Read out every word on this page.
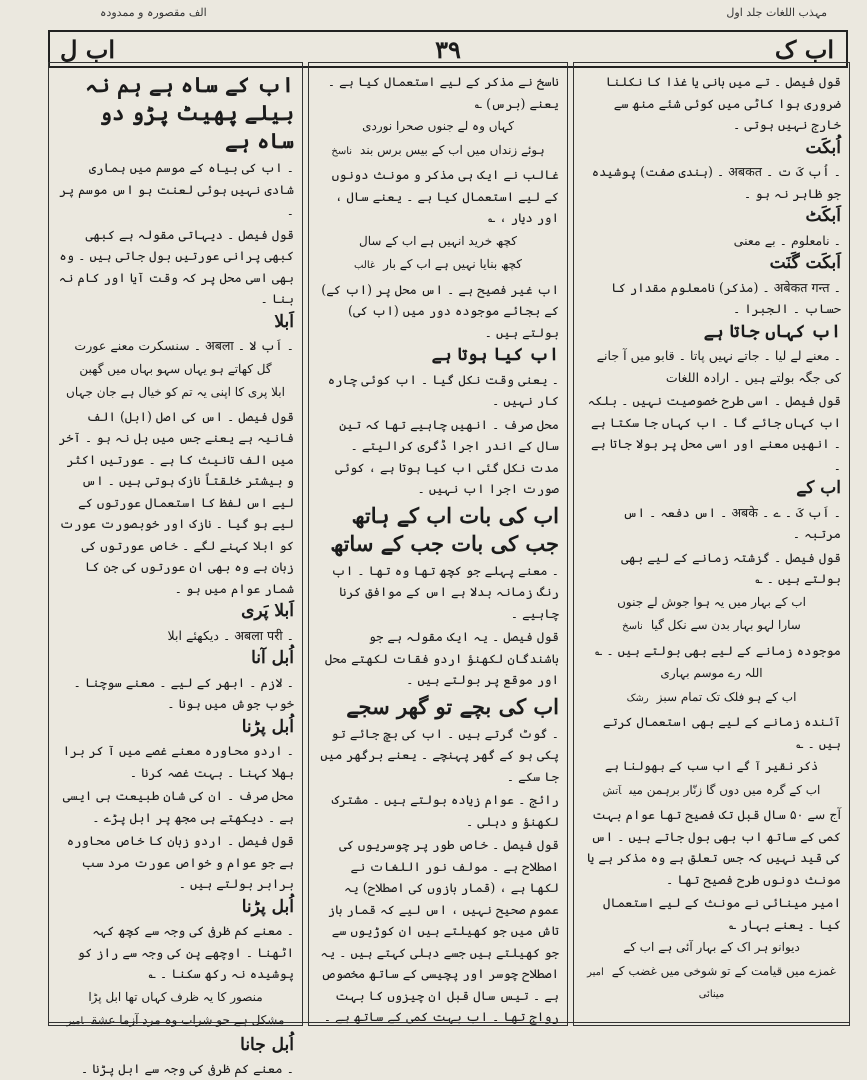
الف مقصورہ و ممدودہ	مہذب اللغات جلد اول
اب ل	۳۹	اب ک

قول فیصل ۔ تے میں بانی یا غذا کا نکلنا ضروری ہوا کاٹی میں کوئی شئے منھ سے خارج نہیں ہوتی ۔

اُبکَت

۔ اُب کَ ت ۔ अबकत ۔ (ہندی صفت) پوشیدہ جو ظاہر نہ ہو ۔

اَبکَٹ

۔ نامعلوم ۔ بے معنی

اَبکَت گَنَت

۔ अबेकत गन्त ۔ (مذکر) نامعلوم مقدار کا حساب ۔ الجبرا ۔

اب کہاں جاتا ہے

۔ معنے لے لیا ۔ جاتے نہیں پاتا ۔ قابو میں آ جانے کی جگہ بولتے ہیں ۔ ارادہ اللغات

قول فیصل ۔ اسی طرح خصوصیت نہیں ۔ بلکہ اب کہاں جائے گا ۔ اب کہاں جا سکتا ہے ۔ انھیں معنے اور اسی محل پر بولا جاتا ہے ۔

اب کے

۔ اَب کَ ۔ ے ۔ अबके ۔ اس دفعہ ۔ اس مرتبہ ۔

قول فیصل ۔ گزشتہ زمانے کے لیے بھی بولتے ہیں ۔ ؎

اب کے بہار میں یہ ہوا جوش لے جنوں

سارا لہو بہار بدن سے نکل گیاناسخ

موجودہ زمانے کے لیے بھی بولتے ہیں ۔ ؎

اللہ رے موسم بہاری

اب کے ہو فلک تک تمام سبزرشک

آئندہ زمانے کے لیے بھی استعمال کرتے ہیں ۔ ؎

ذکر نقیر آ گے اب سب کے بھولنا ہے

اب کے گرہ میں دوں گا زنّار برہمن میںآتش

آج سے ۵۰ سال قبل تک فصیح تھا عوام بہت کمی کے ساتھ اب بھی بول جاتے ہیں ۔ اس کی قید نہیں کہ جس تعلق ہے وہ مذکر ہے یا مونث دونوں طرح فصیح تھا ۔

امیر مینائی نے مونث کے لیے استعمال کیا ۔ یعنے بہار ؎

دیوانو ہر اک کے بہار آئی ہے اب کے

غمزے میں قیامت کے تو شوخی میں غضب کےامیر مینائی

ناسخ نے مذکر کے لیے استعمال کیا ہے ۔ یعنے (برس) ؎

کہاں وہ لے جنوں صحرا نوردی

ہوئے زنداں میں اب کے بیس برس بندناسخ

غالب نے ایک ہی مذکر و مونث دونوں کے لیے استعمال کیا ہے ۔ یعنے سال ، اور دیار ، ؎

کچھ خرید انہیں ہے اب کے سال

کچھ بنایا نہیں ہے اب کے بارغالب

اب غیر فصیح ہے ۔ اس محل پر (اب کے) کے بجائے موجودہ دور میں (اب کی) بولتے ہیں ۔

اب کیا ہوتا ہے

۔ یعنی وقت نکل گیا ۔ اب کوئی چارہ کار نہیں ۔

محل صرف ۔ انھیں چاہیے تھا کہ تین سال کے اندر اجرا ڈگری کرالیتے ۔ مدت نکل گئی اب کیا ہوتا ہے ، کوئی صورت اجرا اب نہیں ۔

اب کی بات اب کے ہاتھ جب کی بات جب کے ساتھ

۔ معنے پہلے جو کچھ تھا وہ تھا ۔ اب رنگ زمانہ بدلا ہے اس کے موافق کرنا چاہیے ۔

قول فیصل ۔ یہ ایک مقولہ ہے جو باشندگان لکھنؤ اردو فقات لکھتے محل اور موقع پر بولتے ہیں ۔

اب کی بچے تو گھر سجے

۔ گوٹ گرتے ہیں ۔ اب کی بچ جائے تو پکی ہو کے گھر پہنچے ۔ یعنے برگھر میں جا سکے ۔

رائج ۔ عوام زیادہ بولتے ہیں ۔ مشترک لکھنؤ و دہلی ۔

قول فیصل ۔ خاص طور پر چوسریوں کی اصطلاح ہے ۔ مولف نور اللغات نے لکھا ہے ، (قمار بازوں کی اصطلاح) یہ عموم صحیح نہیں ، اس لیے کہ قمار باز تاش میں جو کھیلتے ہیں ان کوڑیوں سے جو کھیلتے ہیں جسے دہلی کہتے ہیں ۔ یہ اصطلاح چوسر اور پچیسی کے ساتھ مخصوص ہے ۔ تیس سال قبل ان چیزوں کا بہت رواج تھا ۔ اب بہت کمی کے ساتھ ہے ۔

اب کے ساہ ہے ہم نہ بیلے پھیٹ پڑو دو ساہ ہے

۔ اب کی بیاہ کے موسم میں ہماری شادی نہیں ہوئی لعنت ہو اس موسم پر ۔

قول فیصل ۔ دیہاتی مقولہ ہے کبھی کبھی پرانی عورتیں بول جاتی ہیں ۔ وہ بھی اسی محل پر کہ وقت آیا اور کام نہ بنا ۔

اَبلا

۔ اَب لا ۔ अबला ۔ سنسکرت معنے عورت

گل کھاتے ہو یہاں سہو بہاں میں گھبن

ابلا پری کا اپنی یہ تم کو خیال ہے جان جہاں

قول فیصل ۔ اس کی اصل (ابل) الف فانیہ ہے یعنے جس میں بل نہ ہو ۔ آخر میں الف تانیث کا ہے ۔ عورتیں اکثر و بیشتر خلقتاً نازک ہوتی ہیں ۔ اس لیے اس لفظ کا استعمال عورتوں کے لیے ہو گیا ۔ نازک اور خوبصورت عورت کو ابلا کہنے لگے ۔ خاص عورتوں کی زبان ہے وہ بھی ان عورتوں کی جن کا شمار عوام میں ہو ۔

اَبلا پَری

۔ अबला परी ۔ دیکھئے ابلا

اُبل آنا

۔ لازم ۔ ابھر کے لیے ۔ معنے سوچنا ۔ خوب جوش میں ہونا ۔

اُبل پڑنا

۔ اردو محاورہ معنے غصے میں آ کر برا بھلا کہنا ۔ بہت غصہ کرنا ۔

محل صرف ۔ ان کی شان طبیعت ہی ایسی ہے ۔ دیکھتے ہی مجھ پر ابل پڑے ۔

قول فیصل ۔ اردو زبان کا خاص محاورہ ہے جو عوام و خواص عورت مرد سب برابر بولتے ہیں ۔

اُبل پڑنا

۔ معنے کم ظرفی کی وجہ سے کچھ کہہ اٹھنا ۔ اوچھے پن کی وجہ سے راز کو پوشیدہ نہ رکھ سکنا ۔ ؎

منصور کا یہ ظرف کہاں تھا ابل پڑا

مشکل ہے جو شراب وہ مرد آزما عشقامیر

اُبل جانا

۔ معنے کم ظرفی کی وجہ سے ابل پڑنا ۔
